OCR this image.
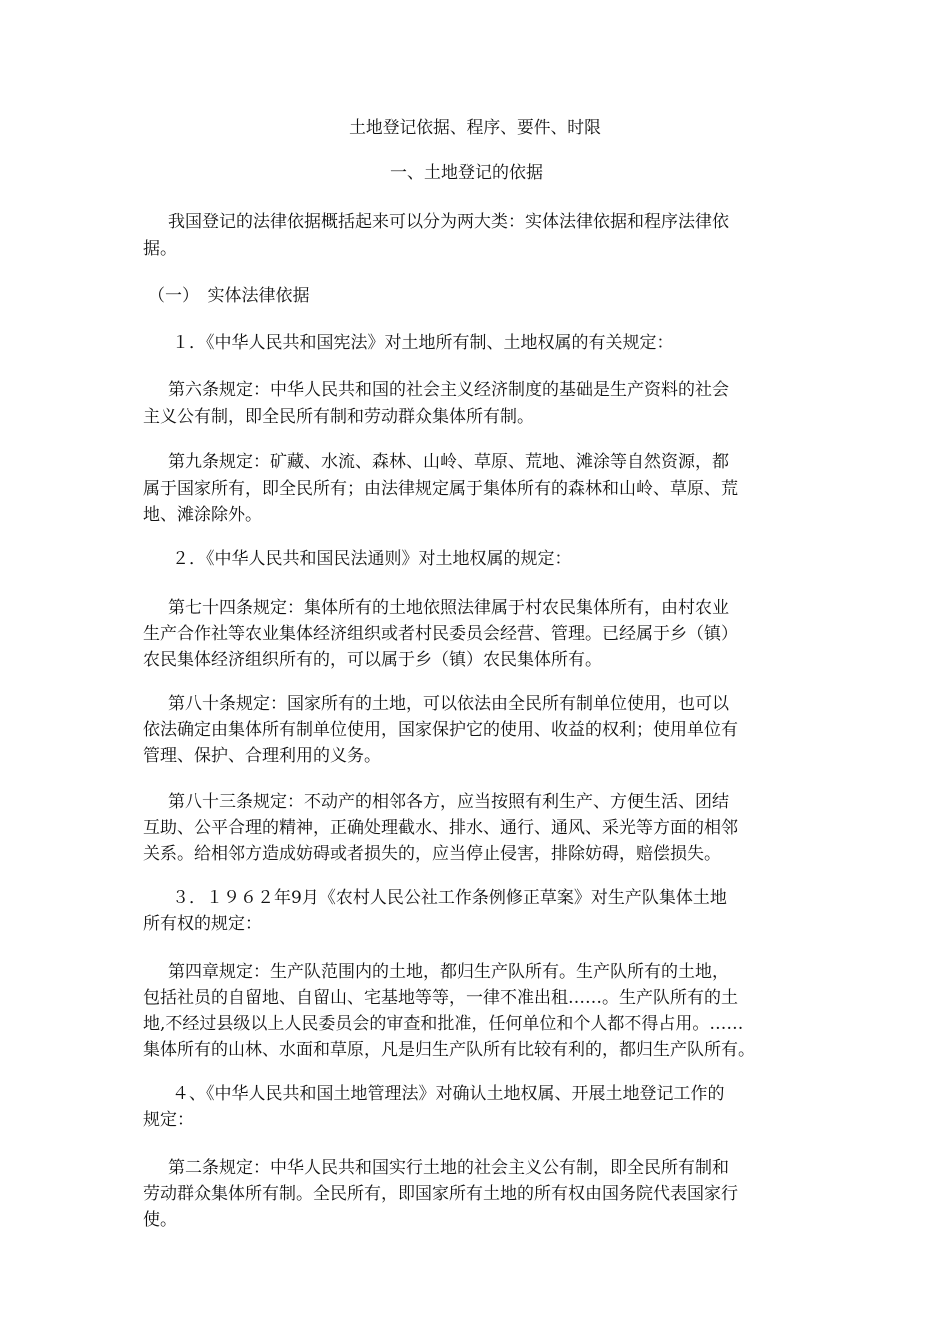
土地登记依据、程序、要件、时限

一、土地登记的依据

我国登记的法律依据概括起来可以分为两大类：实体法律依据和程序法律依

据。

（一）　实体法律依据

１．《中华人民共和国宪法》对土地所有制、土地权属的有关规定：

第六条规定：中华人民共和国的社会主义经济制度的基础是生产资料的社会

主义公有制，即全民所有制和劳动群众集体所有制。

第九条规定：矿藏、水流、森林、山岭、草原、荒地、滩涂等自然资源，都

属于国家所有，即全民所有；由法律规定属于集体所有的森林和山岭、草原、荒

地、滩涂除外。

２．《中华人民共和国民法通则》对土地权属的规定：

第七十四条规定：集体所有的土地依照法律属于村农民集体所有，由村农业

生产合作社等农业集体经济组织或者村民委员会经营、管理。已经属于乡（镇）

农民集体经济组织所有的，可以属于乡（镇）农民集体所有。

第八十条规定：国家所有的土地，可以依法由全民所有制单位使用，也可以

依法确定由集体所有制单位使用，国家保护它的使用、收益的权利；使用单位有

管理、保护、合理利用的义务。

第八十三条规定：不动产的相邻各方，应当按照有利生产、方便生活、团结

互助、公平合理的精神，正确处理截水、排水、通行、通风、采光等方面的相邻

关系。给相邻方造成妨碍或者损失的，应当停止侵害，排除妨碍，赔偿损失。

３．１９６２年9月《农村人民公社工作条例修正草案》对生产队集体土地

所有权的规定：

第四章规定：生产队范围内的土地，都归生产队所有。生产队所有的土地，

包括社员的自留地、自留山、宅基地等等，一律不准出租……。生产队所有的土

地,不经过县级以上人民委员会的审查和批准，任何单位和个人都不得占用。……

集体所有的山林、水面和草原，凡是归生产队所有比较有利的，都归生产队所有。

４、《中华人民共和国土地管理法》对确认土地权属、开展土地登记工作的

规定：

第二条规定：中华人民共和国实行土地的社会主义公有制，即全民所有制和

劳动群众集体所有制。全民所有，即国家所有土地的所有权由国务院代表国家行

使。
